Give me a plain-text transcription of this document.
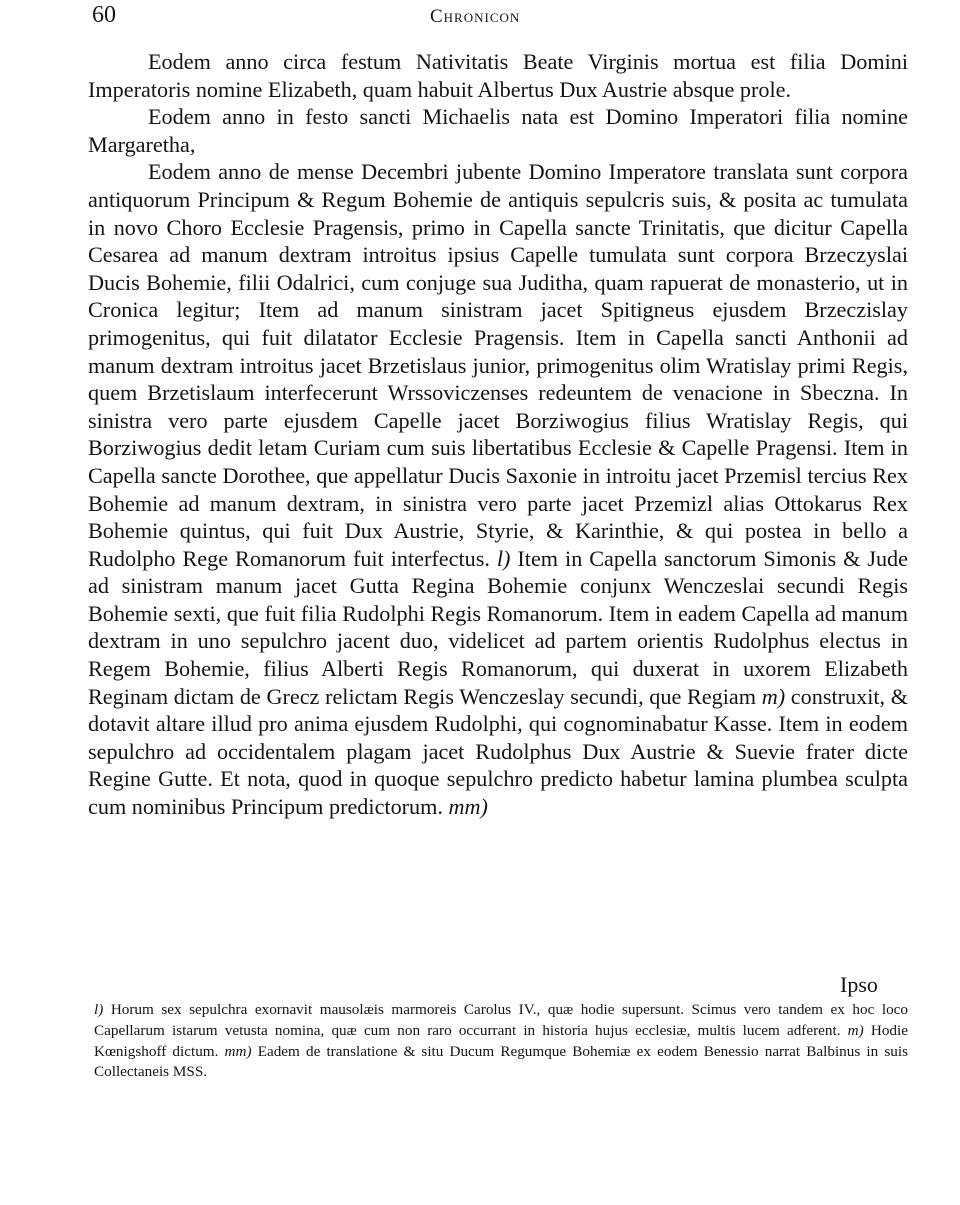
60	Chronicon

Eodem anno circa festum Nativitatis Beate Virginis mortua est filia Domini Imperatoris nomine Elizabeth, quam habuit Albertus Dux Austrie absque prole.

Eodem anno in festo sancti Michaelis nata est Domino Imperatori filia nomine Margaretha,

Eodem anno de mense Decembri jubente Domino Imperatore translata sunt corpora antiquorum Principum & Regum Bohemie de antiquis sepulcris suis, & posita ac tumulata in novo Choro Ecclesie Pragensis, primo in Capella sancte Trinitatis, que dicitur Capella Cesarea ad manum dextram introitus ipsius Capelle tumulata sunt corpora Brzeczyslai Ducis Bohemie, filii Odalrici, cum conjuge sua Juditha, quam rapuerat de monasterio, ut in Cronica legitur; Item ad manum sinistram jacet Spitigneus ejusdem Brzeczislay primogenitus, qui fuit dilatator Ecclesie Pragensis. Item in Capella sancti Anthonii ad manum dextram introitus jacet Brzetislaus junior, primogenitus olim Wratislay primi Regis, quem Brzetislaum interfecerunt Wrssoviczenses redeuntem de venacione in Sbeczna. In sinistra vero parte ejusdem Capelle jacet Borziwogius filius Wratislay Regis, qui Borziwogius dedit letam Curiam cum suis libertatibus Ecclesie & Capelle Pragensi. Item in Capella sancte Dorothee, que appellatur Ducis Saxonie in introitu jacet Przemisl tercius Rex Bohemie ad manum dextram, in sinistra vero parte jacet Przemizl alias Ottokarus Rex Bohemie quintus, qui fuit Dux Austrie, Styrie, & Karinthie, & qui postea in bello a Rudolpho Rege Romanorum fuit interfectus. l) Item in Capella sanctorum Simonis & Jude ad sinistram manum jacet Gutta Regina Bohemie conjunx Wenczeslai secundi Regis Bohemie sexti, que fuit filia Rudolphi Regis Romanorum. Item in eadem Capella ad manum dextram in uno sepulchro jacent duo, videlicet ad partem orientis Rudolphus electus in Regem Bohemie, filius Alberti Regis Romanorum, qui duxerat in uxorem Elizabeth Reginam dictam de Grecz relictam Regis Wenczeslay secundi, que Regiam m) construxit, & dotavit altare illud pro anima ejusdem Rudolphi, qui cognominabatur Kasse. Item in eodem sepulchro ad occidentalem plagam jacet Rudolphus Dux Austrie & Suevie frater dicte Regine Gutte. Et nota, quod in quoque sepulchro predicto habetur lamina plumbea sculpta cum nominibus Principum predictorum. mm)

Ipso

l) Horum sex sepulchra exornavit mausolæis marmoreis Carolus IV., quæ hodie supersunt. Scimus vero tandem ex hoc loco Capellarum istarum vetusta nomina, quæ cum non raro occurrant in historia hujus ecclesiæ, multis lucem adferent. m) Hodie Kœnigshoff dictum. mm) Eadem de translatione & situ Ducum Regumque Bohemiæ ex eodem Benessio narrat Balbinus in suis Collectaneis MSS.
